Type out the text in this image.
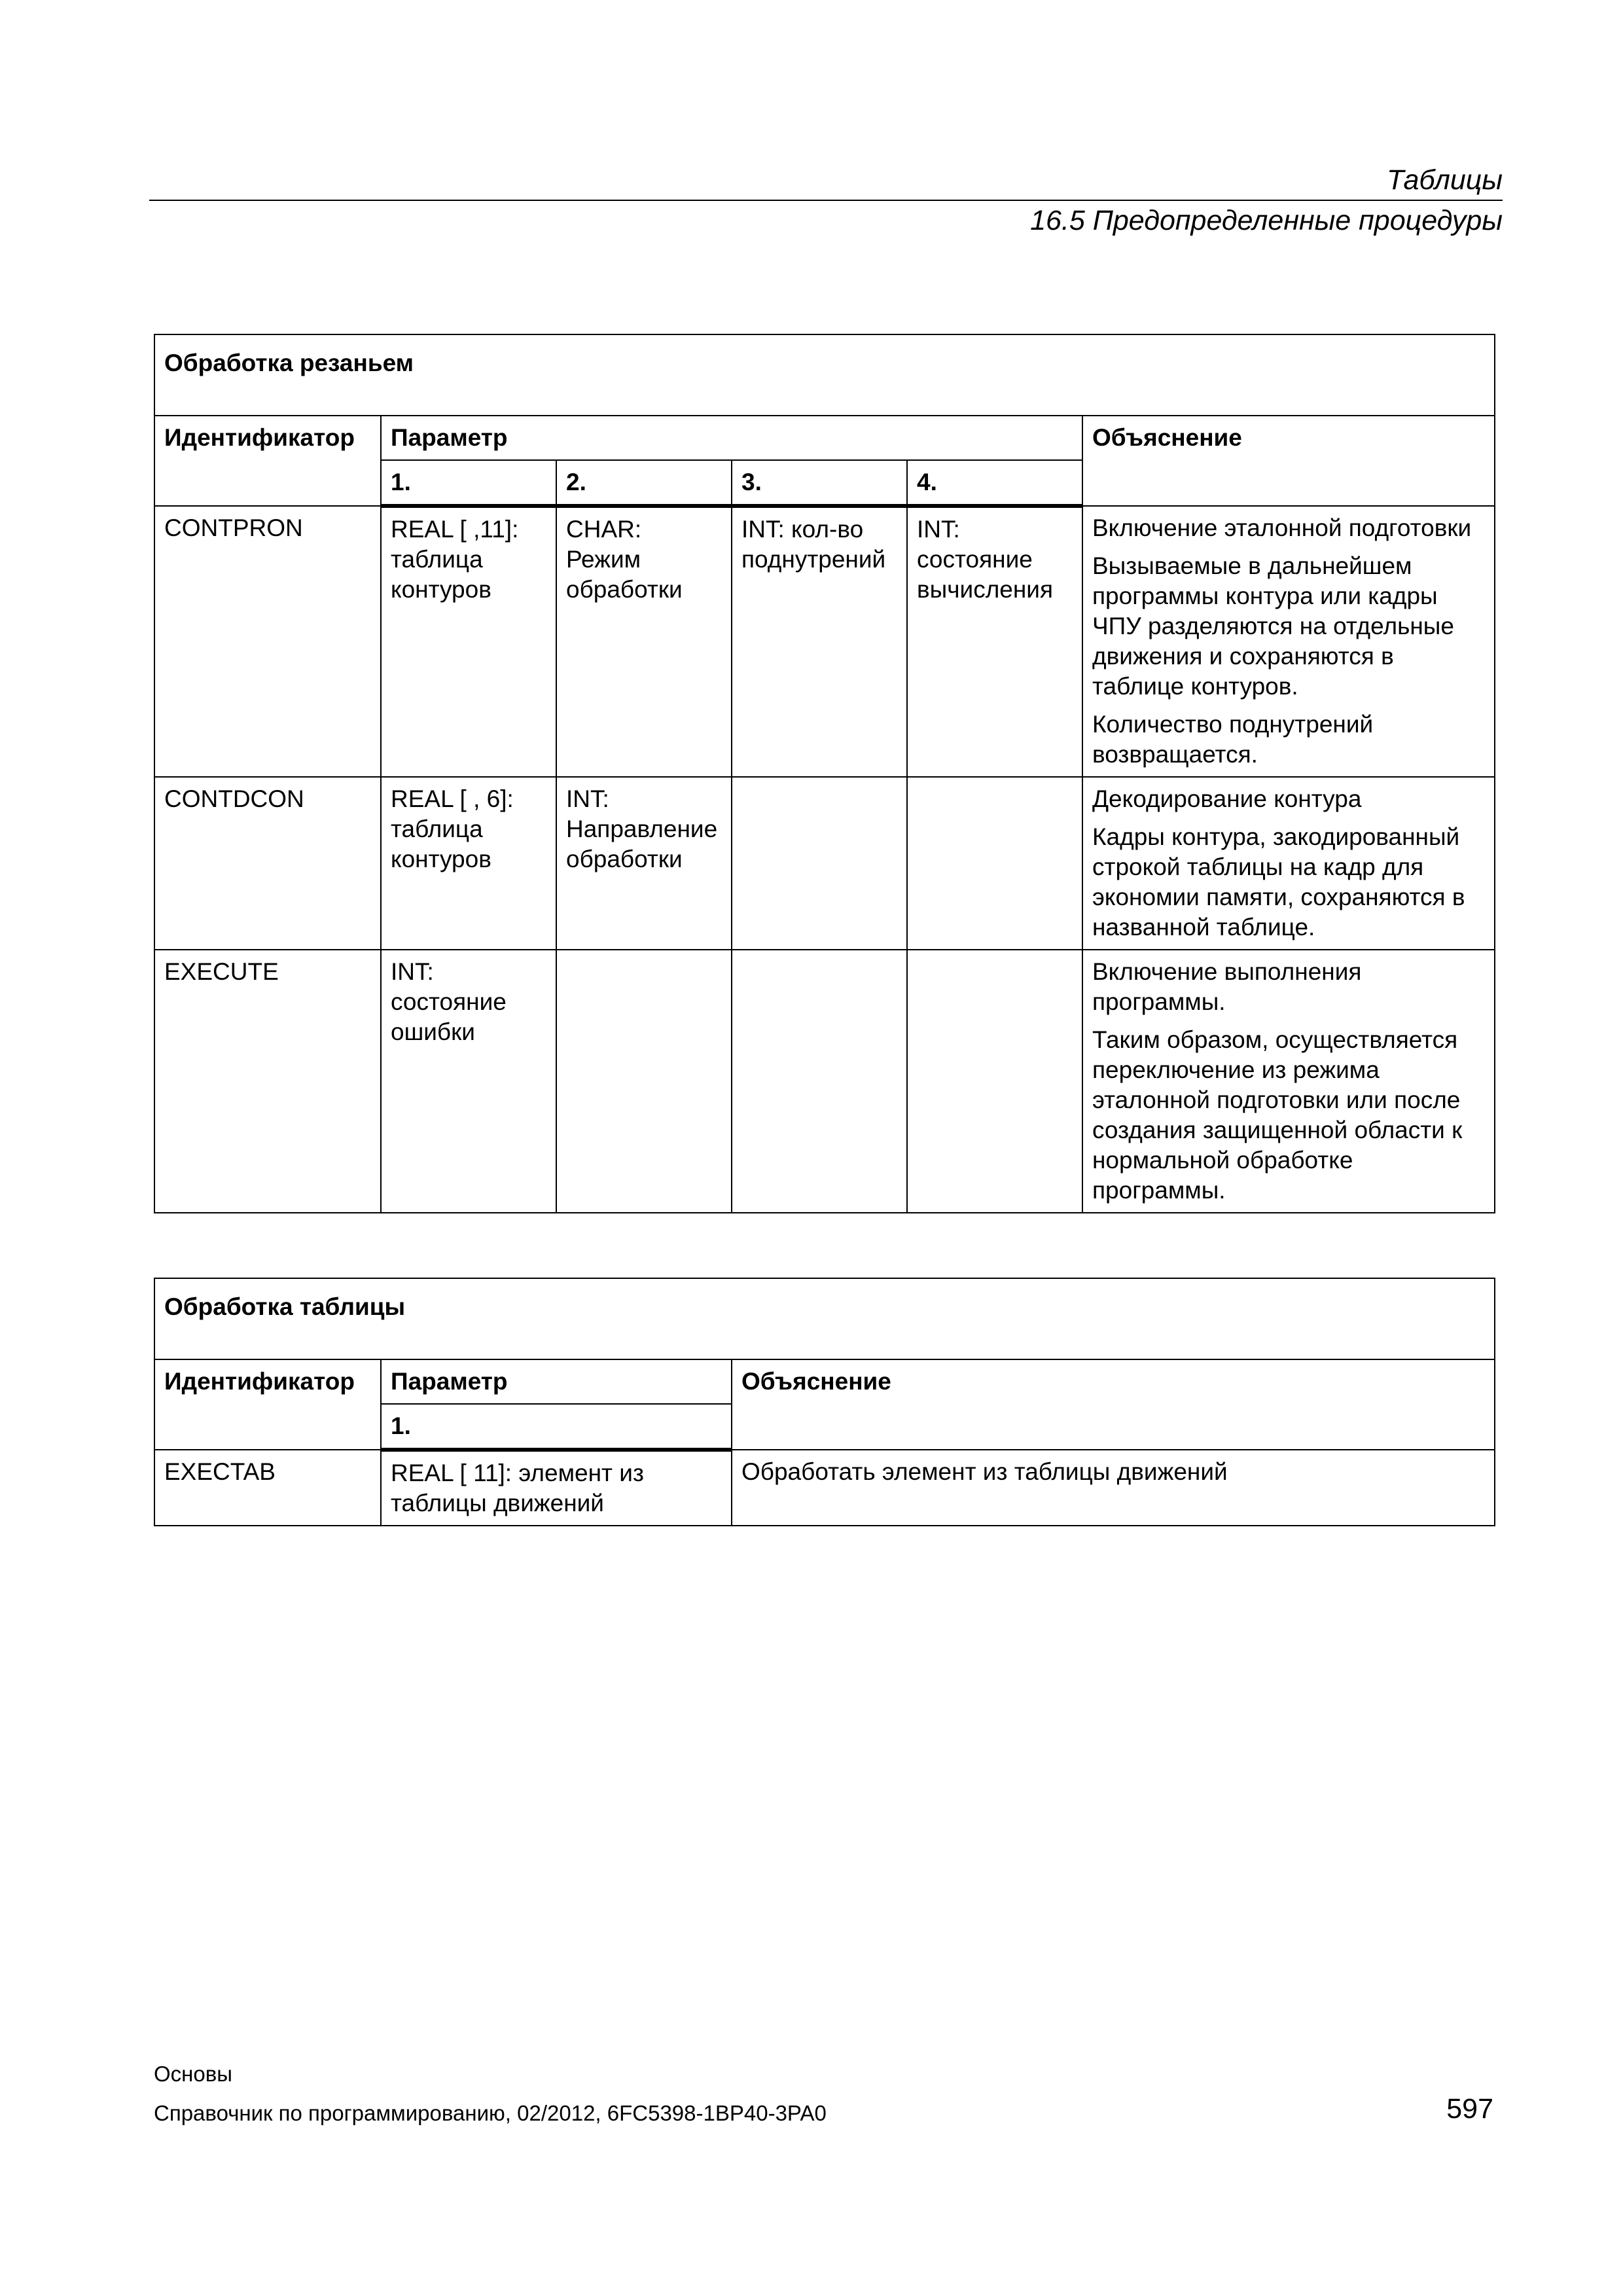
Таблицы
16.5 Предопределенные процедуры
Обработка резаньем					
Идентификатор	Параметр				Объяснение
	1.	2.	3.	4.	
CONTPRON	REAL [ ,11]: таблица контуров	CHAR: Режим обработки	INT: кол-во поднутрений	INT: состояние вычисления	Включение эталонной подготовки
Вызываемые в дальнейшем программы контура или кадры ЧПУ разделяются на отдельные движения и сохраняются в таблице контуров.
Количество поднутрений возвращается.

CONTDCON	REAL [ , 6]: таблица контуров	INT: Направление обработки			Декодирование контура
Кадры контура, закодированный строкой таблицы на кадр для экономии памяти, сохраняются в названной таблице.

EXECUTE	INT: состояние ошибки				Включение выполнения программы.
Таким образом, осуществляется переключение из режима эталонной подготовки или после создания защищенной области к нормальной обработке программы.
Обработка таблицы		
Идентификатор	Параметр	Объяснение
	1.	
EXECTAB	REAL [ 11]: элемент из таблицы движений	Обработать элемент из таблицы движений
Основы
Справочник по программированию, 02/2012, 6FC5398-1BP40-3PA0	597
